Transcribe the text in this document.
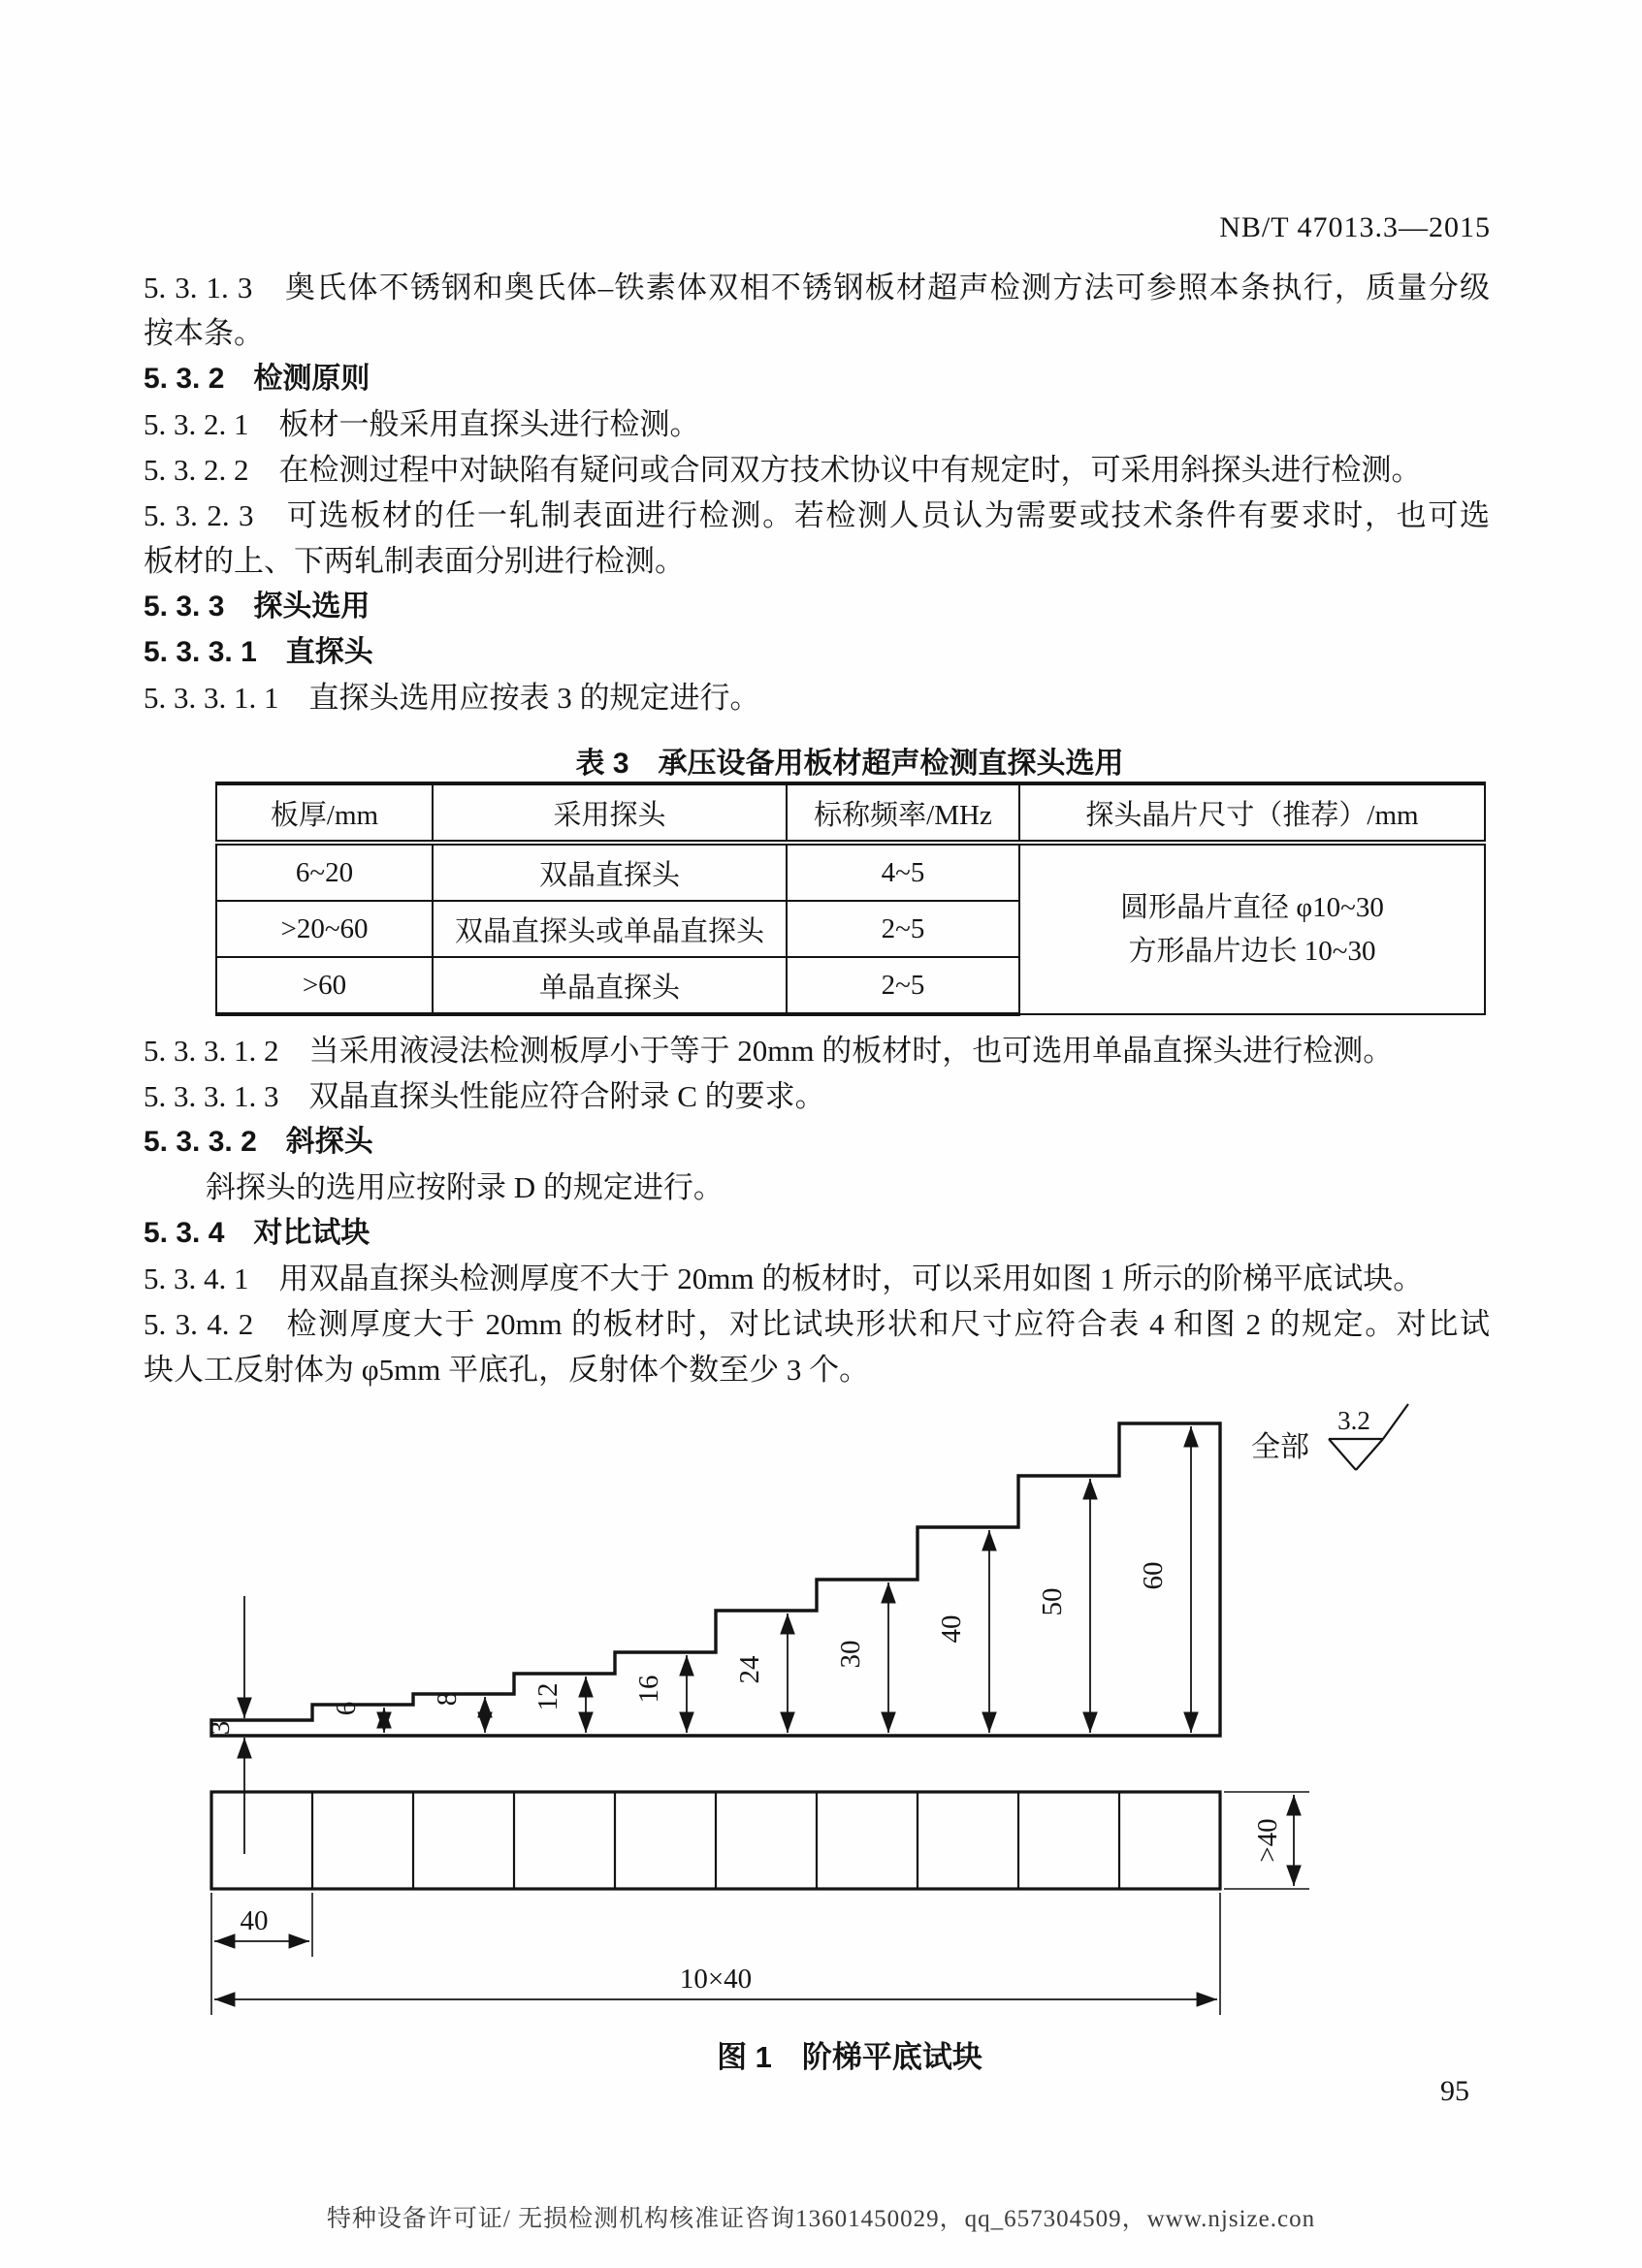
NB/T 47013.3—2015
5. 3. 1. 3　奥氏体不锈钢和奥氏体–铁素体双相不锈钢板材超声检测方法可参照本条执行，质量分级
按本条。
5. 3. 2　检测原则
5. 3. 2. 1　板材一般采用直探头进行检测。
5. 3. 2. 2　在检测过程中对缺陷有疑问或合同双方技术协议中有规定时，可采用斜探头进行检测。
5. 3. 2. 3　可选板材的任一轧制表面进行检测。若检测人员认为需要或技术条件有要求时，也可选
板材的上、下两轧制表面分别进行检测。
5. 3. 3　探头选用
5. 3. 3. 1　直探头
5. 3. 3. 1. 1　直探头选用应按表 3 的规定进行。
表 3　承压设备用板材超声检测直探头选用
板厚/mm	采用探头	标称频率/MHz	探头晶片尺寸（推荐）/mm
6~20	双晶直探头	4~5	圆形晶片直径 φ10~30
方形晶片边长 10~30

>20~60	双晶直探头或单晶直探头	2~5	
>60	单晶直探头	2~5	
5. 3. 3. 1. 2　当采用液浸法检测板厚小于等于 20mm 的板材时，也可选用单晶直探头进行检测。
5. 3. 3. 1. 3　双晶直探头性能应符合附录 C 的要求。
5. 3. 3. 2　斜探头
斜探头的选用应按附录 D 的规定进行。
5. 3. 4　对比试块
5. 3. 4. 1　用双晶直探头检测厚度不大于 20mm 的板材时，可以采用如图 1 所示的阶梯平底试块。
5. 3. 4. 2　检测厚度大于 20mm 的板材时，对比试块形状和尺寸应符合表 4 和图 2 的规定。对比试
块人工反射体为 φ5mm 平底孔，反射体个数至少 3 个。
3
6
8 12 16
24
30
40
50
60
全部
3.2
>40
40
10×40
图 1　阶梯平底试块
95
特种设备许可证/ 无损检测机构核准证咨询13601450029，qq_657304509，www.njsize.con
